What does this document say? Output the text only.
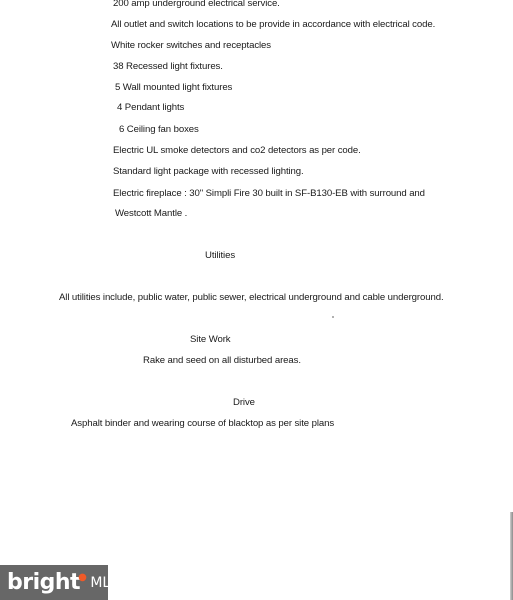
200 amp underground electrical service.

All outlet and switch locations to be provide in accordance with electrical code.

White rocker switches and receptacles

38 Recessed light fixtures.

5 Wall mounted light fixtures

4 Pendant lights

6 Ceiling fan boxes

Electric UL smoke detectors and co2 detectors as per code.

Standard light package with recessed lighting.

Electric fireplace : 30" Simpli Fire 30 built in SF-B130-EB with surround and

Westcott Mantle .

Utilities

All utilities include, public water, public sewer, electrical underground and cable underground.

Site Work

Rake and seed on all disturbed areas.

Drive

Asphalt binder and wearing course of blacktop as per site plans

bright● MLS
